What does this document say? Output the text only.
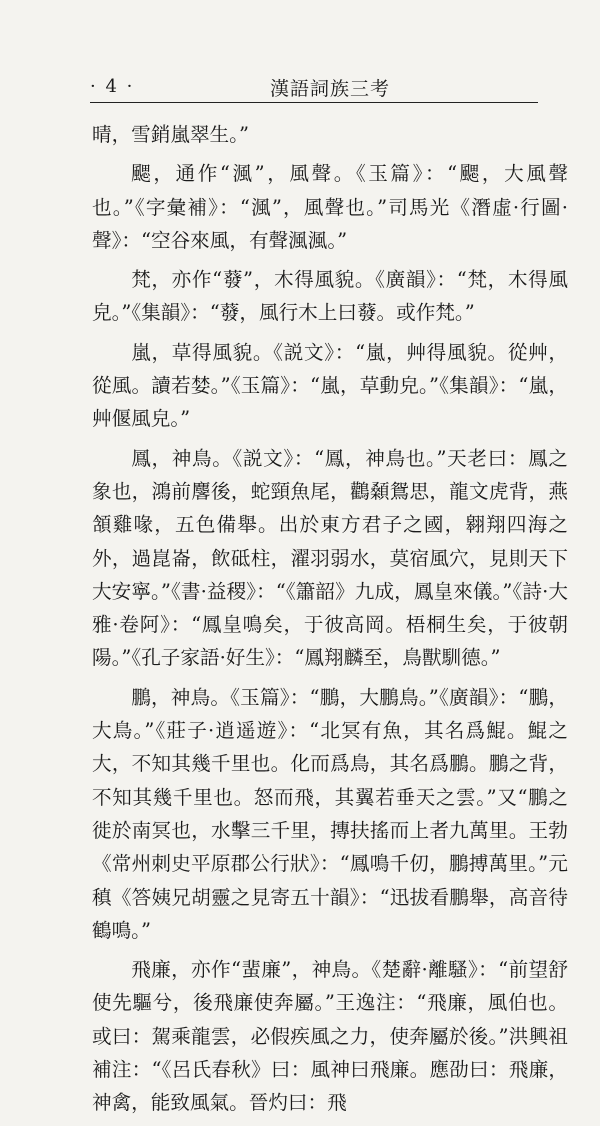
· 4 ·	漢語詞族三考

晴，雪銷嵐翠生。”

颸，通作“渢”，風聲。《玉篇》：“颸，大風聲也。”《字彙補》：“渢”，風聲也。”司馬光《潛虛·行圖·聲》：“空谷來風，有聲渢渢。”

梵，亦作“蕟”，木得風貌。《廣韻》：“梵，木得風皃。”《集韻》：“蕟，風行木上曰蕟。或作梵。”

嵐，草得風貌。《説文》：“嵐，艸得風貌。從艸，從風。讀若婪。”《玉篇》：“嵐，草動皃。”《集韻》：“嵐，艸偃風皃。”

鳳，神鳥。《説文》：“鳳，神鳥也。”天老曰：鳳之象也，鴻前麐後，蛇頸魚尾，鸛顙鴛思，龍文虎背，燕頷雞喙，五色備舉。出於東方君子之國，翱翔四海之外，過崑崙，飲砥柱，濯羽弱水，莫宿風穴，見則天下大安寧。”《書·益稷》：“《簫韶》九成，鳳皇來儀。”《詩·大雅·卷阿》：“鳳皇鳴矣，于彼高岡。梧桐生矣，于彼朝陽。”《孔子家語·好生》：“鳳翔麟至，鳥獸馴德。”

鵬，神鳥。《玉篇》：“鵬，大鵬鳥。”《廣韻》：“鵬，大鳥。”《莊子·逍遥遊》：“北冥有魚，其名爲鯤。鯤之大，不知其幾千里也。化而爲鳥，其名爲鵬。鵬之背，不知其幾千里也。怒而飛，其翼若垂天之雲。”又“鵬之徙於南冥也，水擊三千里，摶扶搖而上者九萬里。王勃《常州刺史平原郡公行狀》：“鳳鳴千仞，鵬搏萬里。”元稹《答姨兄胡靈之見寄五十韻》：“迅拔看鵬舉，高音待鶴鳴。”

飛廉，亦作“蜚廉”，神鳥。《楚辭·離騷》：“前望舒使先驅兮，後飛廉使奔屬。”王逸注：“飛廉，風伯也。或曰：駕乘龍雲，必假疾風之力，使奔屬於後。”洪興祖補注：“《呂氏春秋》曰：風神曰飛廉。應劭曰：飛廉，神禽，能致風氣。晉灼曰：飛
